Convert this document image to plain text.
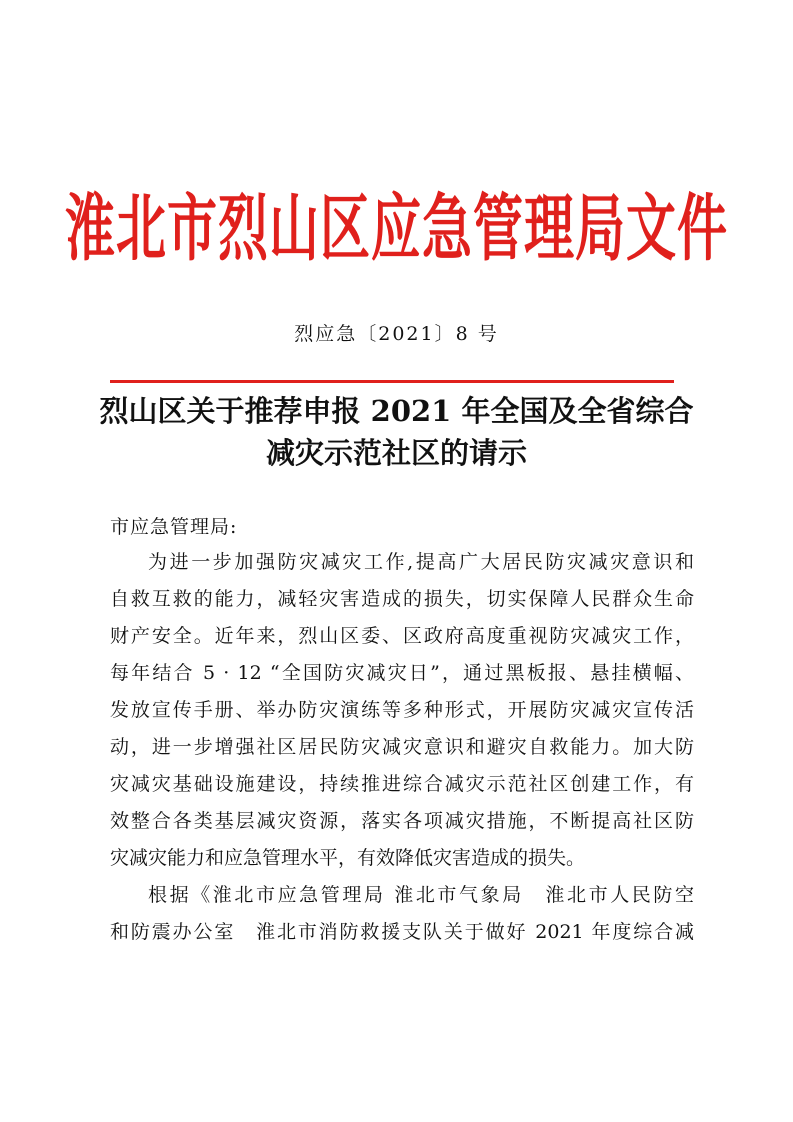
淮北市烈山区应急管理局文件
烈应急〔2021〕8 号
烈山区关于推荐申报 2021 年全国及全省综合
减灾示范社区的请示
市应急管理局:
为进一步加强防灾减灾工作,提高广大居民防灾减灾意识和
自救互救的能力，减轻灾害造成的损失，切实保障人民群众生命
财产安全。近年来，烈山区委、区政府高度重视防灾减灾工作，
每年结合 5 · 12 “全国防灾减灾日”，通过黑板报、悬挂横幅、
发放宣传手册、举办防灾演练等多种形式，开展防灾减灾宣传活
动，进一步增强社区居民防灾减灾意识和避灾自救能力。加大防
灾减灾基础设施建设，持续推进综合减灾示范社区创建工作，有
效整合各类基层减灾资源，落实各项减灾措施，不断提高社区防
灾减灾能力和应急管理水平，有效降低灾害造成的损失。
根据《淮北市应急管理局 淮北市气象局　淮北市人民防空
和防震办公室　淮北市消防救援支队关于做好 2021 年度综合减
